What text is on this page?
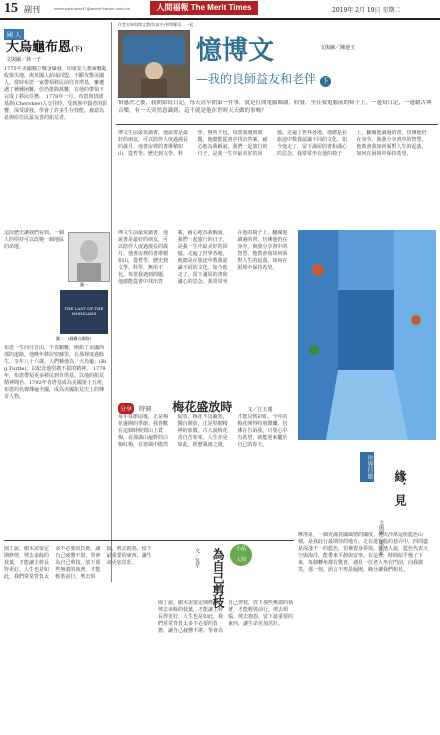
15 副刊	www.mrtourist7@merit-times.com.tw	人間福報 The Merit Times	2019年 2月 19日 星期二
國 人
大烏龜布恩(下)
文與圖／林一子
1775年美國獨立戰爭爆發，印第安人想乘戰亂收復失地，與英國人結成同盟。不斷攻擊美國人，當時布恩一家帶領移民前往肯塔基，雖遭遇了種種困難，但仍排除萬難，在他的帶領下完成了移民任務。 1778年一月，布恩與切諾基族(Cherokee)人交往時，受到族中賢者的影響，深受啟發，學會了許多生存技能。被認為是與原住民最友善的拓荒者。
這段歷史讓我們看到，一個人的堅持可以改變一個地區的命運。
圖一
THE LAST OF THE MOHICANS
圖二：(翻攝自網路)
布恩一生向往自由，不畏艱難，開拓了美國西部的道路。他晚年移居密蘇里，在那裡度過餘生，享年八十六歲。人們稱他為「大烏龜」(Big Turtle)，以紀念他堅韌不拔的精神。 1779年，布恩帶領更多移民到肯塔基。以他的拓荒精神聞名。1792年肯塔基成為美國第十五州，布恩的名聲傳遍全國，成為美國拓荒史上的傳奇人物。
作者夫婦與傅文教授(前中)和摩羅哥，一起
憶博文	文與圖／陳連玉
—我的良師益友和老伴 下
怡惠於之後，我開始寫日記，每天清早開第一件事，就是打開電腦閱讀，收發，坐在我電腦前的椅子上，一邊寫日記，一邊聽古典音樂，有一天突然意識到，這不就是他在世時天天做的事嗎？
博文生前最愛讀書，他說書是最好的朋友，可以陪伴人度過漫長的歲月。他書房裡的書堆積如山，從哲學、歷史到文學、科學，無所不包。每當我遇到問題，他總能從書中找出答案，耐心地為我解說。我們一起旅行的日子，是我一生中最美好的回憶。走遍了世界各地，他總是在旅途中教我認識不同的文化。如今他走了，留下滿屋的書和滿心的思念。我常常坐在他的椅子上，翻閱他讀過的書，彷彿他仍在身旁，與我分享書中的智慧。他教會我如何面對人生的起落，如何在困境中保持希望。
博文生前最愛讀書，他說書是最好的朋友，可以陪伴人度過漫長的歲月。他書房裡的書堆積如山，從哲學、歷史到文學、科學，無所不包。每當我遇到問題，他總能從書中找出答案，耐心地為我解說。我們一起旅行的日子，是我一生中最美好的回憶。走遍了世界各地，他總是在旅途中教我認識不同的文化。如今他走了，留下滿屋的書和滿心的思念。我常常坐在他的椅子上，翻閱他讀過的書，彷彿他仍在身旁，與我分享書中的智慧。他教會我如何面對人生的起落，如何在困境中保持希望。
分享 時刻 梅花盛放時	文／江玉蓮
每年春節前後，正是梅花盛開的季節。我喜歡在這個時候到山上賞梅，看那滿山遍野的白梅紅梅，在寒風中傲然綻放。梅花不畏嚴寒，獨自開放，正是堅韌精神的象徵。古人說梅花香自苦寒來，人生亦是如此。經歷風雨之後，才能見到彩虹。今年的梅花開得特別燦爛，彷彿在告訴我，只要心中有希望，就能迎來屬於自己的春天。
世界行旅 緣．見
文與圖／梁正宏
摩洛哥，一個充滿異國風情的國度。舍夫沙萬這座藍色山城，是我此行最期待的地方。走在迷宮般的巷弄中，四周盡是深淺不一的藍色，彷彿置身夢境。當地人說，藍色代表天空與海洋，能帶來平靜與安寧。在這裡，時間似乎慢了下來，每個轉角都有驚喜。遇見一位老人坐在門前，向我微笑，那一刻，語言不再是隔閡，緣分讓我們相見。
園丁說，樹木需要定期修剪，剪去多餘的枝葉，才能讓主幹長得更好。人生也是如此，我們常常背負太多不必要的負擔，讓自己疲憊不堪。學會為自己剪枝，放下那些無謂的執著，才能輕裝前行。剪去煩惱，剪去抱怨，留下最重要的東西，讓生命更加茁壯。
小品
人間
為自己剪枝
文／吳芊
園丁說，樹木需要定期修剪，剪去多餘的枝葉，才能讓主幹長得更好。人生也是如此，我們常常背負太多不必要的負擔，讓自己疲憊不堪。學會為自己剪枝，放下那些無謂的執著，才能輕裝前行。剪去煩惱，剪去抱怨，留下最重要的東西，讓生命更加茁壯。
